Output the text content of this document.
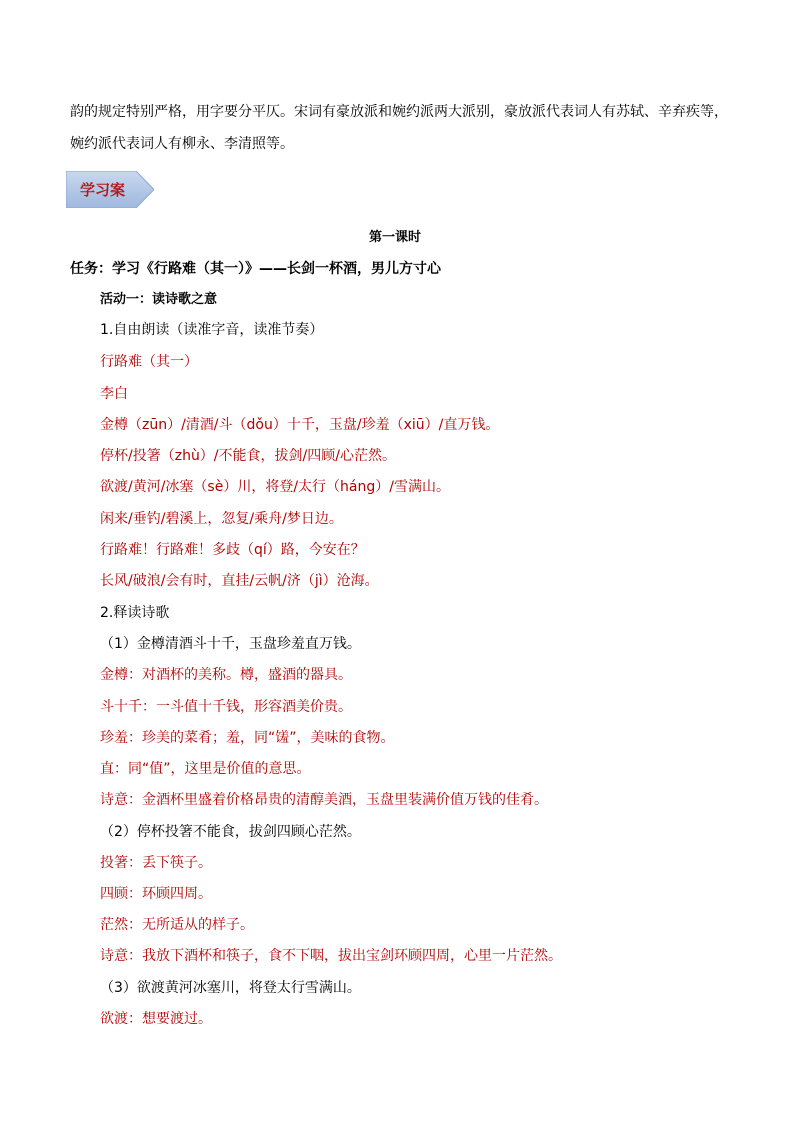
韵的规定特别严格，用字要分平仄。宋词有豪放派和婉约派两大派别，豪放派代表词人有苏轼、辛弃疾等，
婉约派代表词人有柳永、李清照等。
学习案
第一课时
任务：学习《行路难（其一）》——长剑一杯酒，男儿方寸心
活动一：读诗歌之意
1.自由朗读（读准字音，读准节奏）
行路难（其一）
李白
金樽（zūn）/清酒/斗（dǒu）十千，玉盘/珍羞（xiū）/直万钱。
停杯/投箸（zhù）/不能食，拔剑/四顾/心茫然。
欲渡/黄河/冰塞（sè）川，将登/太行（háng）/雪满山。
闲来/垂钓/碧溪上，忽复/乘舟/梦日边。
行路难！行路难！多歧（qí）路，今安在？
长风/破浪/会有时，直挂/云帆/济（jì）沧海。
2.释读诗歌
（1）金樽清酒斗十千，玉盘珍羞直万钱。
金樽：对酒杯的美称。樽，盛酒的器具。
斗十千：一斗值十千钱，形容酒美价贵。
珍羞：珍美的菜肴；羞，同“馐”，美味的食物。
直：同“值”，这里是价值的意思。
诗意：金酒杯里盛着价格昂贵的清醇美酒，玉盘里装满价值万钱的佳肴。
（2）停杯投箸不能食，拔剑四顾心茫然。
投箸：丢下筷子。
四顾：环顾四周。
茫然：无所适从的样子。
诗意：我放下酒杯和筷子，食不下咽，拔出宝剑环顾四周，心里一片茫然。
（3）欲渡黄河冰塞川，将登太行雪满山。
欲渡：想要渡过。
